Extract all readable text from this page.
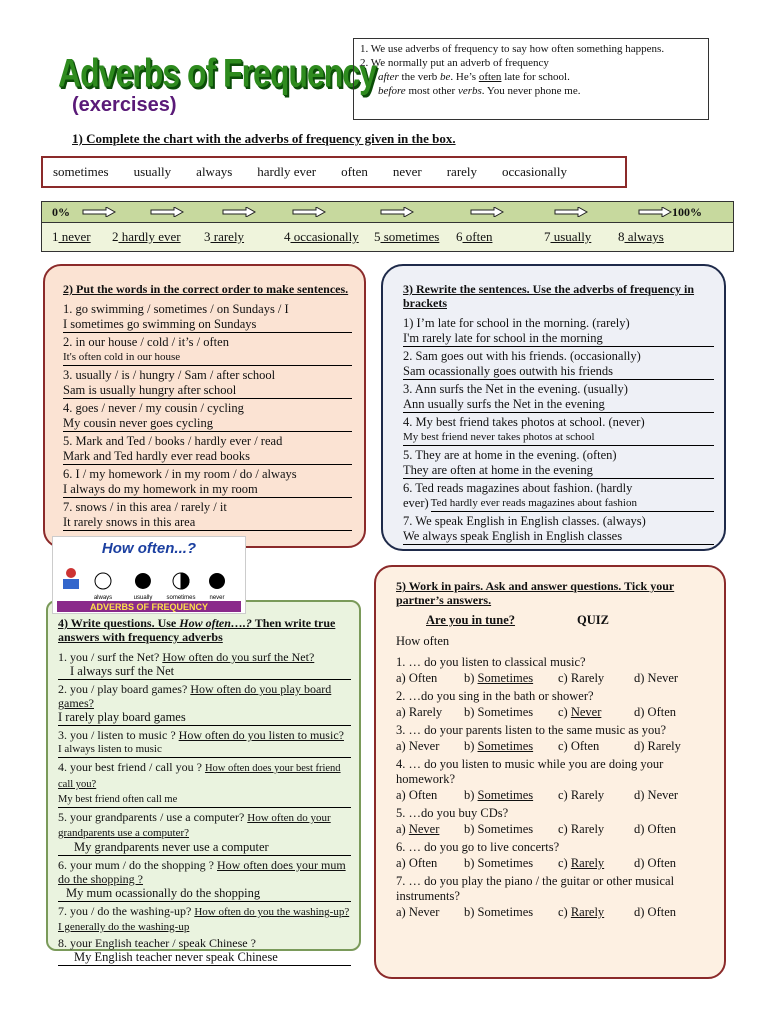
Adverbs of Frequency
(exercises)
1. We use adverbs of frequency to say how often something happens.
2. We normally put an adverb of frequency
after the verb be. He’s often late for school.
before most other verbs. You never phone me.
1) Complete the chart with the adverbs of frequency given in the box.
sometimes usually always hardly ever often never rarely occasionally
0%	100%
1 never 2 hardly ever 3 rarely	4 occasionally 5 sometimes 6 often	7 usually 8 always
2) Put the words in the correct order to make sentences.
1. go swimming / sometimes / on Sundays / I
I sometimes go swimming on Sundays
2. in our house / cold / it’s / often
It's often cold in our house
3. usually / is / hungry / Sam / after school
Sam is usually hungry after school
4. goes / never / my cousin / cycling
My cousin never goes cycling
5. Mark and Ted / books / hardly ever / read
Mark and Ted hardly ever read books
6. I / my homework / in my room / do / always
I always do my homework in my room
7. snows / in this area / rarely / it
It rarely snows in this area
3) Rewrite the sentences. Use the adverbs of frequency in brackets
1) I’m late for school in the morning. (rarely)
I'm rarely late for school in the morning
2. Sam goes out with his friends. (occasionally)
Sam ocassionally goes outwith his friends
3. Ann surfs the Net in the evening. (usually)
Ann usually surfs the Net in the evening
4. My best friend takes photos at school. (never)
My best friend never takes photos at school
5. They are at home in the evening. (often)
They are often at home in the evening
6. Ted reads magazines about fashion. (hardly
ever) Ted hardly ever reads magazines about fashion
7. We speak English in English classes. (always)
We always speak English in English classes
4) Write questions. Use How often….? Then write true answers with frequency adverbs
1. you / surf the Net? How often do you surf the Net?
I always surf the Net
2. you / play board games? How often do you play board games?
I rarely play board games
3. you / listen to music ? How often do you listen to music?
I always listen to music
4. your best friend / call you ? How often does your best friend call you?
My best friend often call me
5. your grandparents / use a computer? How often do your grandparents use a computer?
My grandparents never use a computer
6. your mum / do the shopping ? How often does your mum do the shopping ?
My mum ocassionally do the shopping
7. you / do the washing-up? How often do you the washing-up? I generally do the washing-up
8. your English teacher / speak Chinese ?
My English teacher never speak Chinese
How often...?
always	usually sometimes never
ADVERBS OF FREQUENCY
5) Work in pairs. Ask and answer questions. Tick your partner’s answers.
Are you in tune?	QUIZ
How often
1. … do you listen to classical music?
a) Often	b) Sometimes	c) Rarely	d) Never
2. …do you sing in the bath or shower?
a) Rarely	b) Sometimes	c) Never	d) Often
3. … do your parents listen to the same music as you?
a) Never	b) Sometimes	c) Often	d) Rarely
4. … do you listen to music while you are doing your homework?
a) Often	b) Sometimes	c) Rarely	d) Never
5. …do you buy CDs?
a) Never	b) Sometimes	c) Rarely	d) Often
6. … do you go to live concerts?
a) Often	b) Sometimes	c) Rarely	d) Often
7. … do you play the piano / the guitar or other musical instruments?
a) Never	b) Sometimes	c) Rarely	d) Often
